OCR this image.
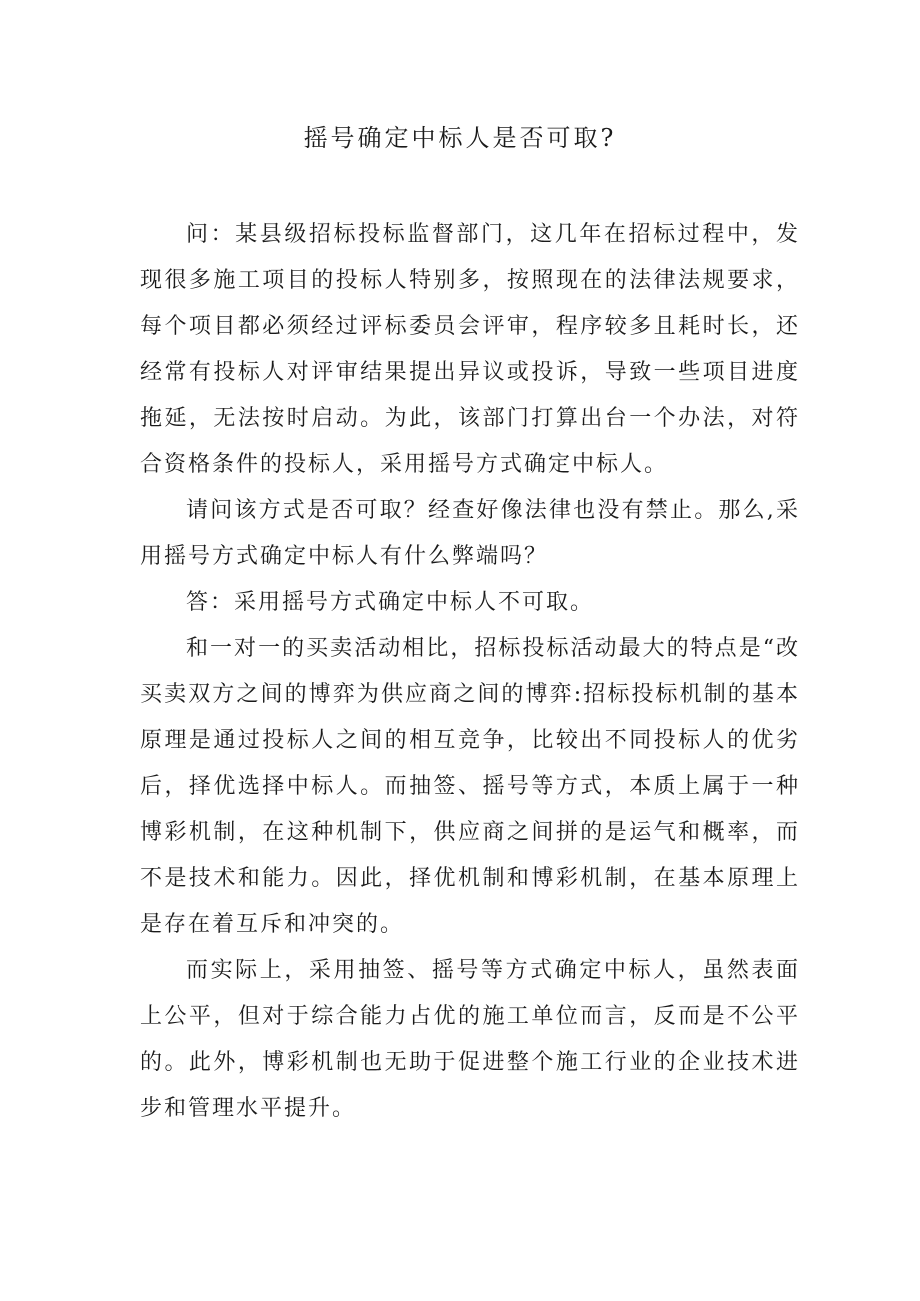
摇号确定中标人是否可取?

问：某县级招标投标监督部门，这几年在招标过程中，发现很多施工项目的投标人特别多，按照现在的法律法规要求，每个项目都必须经过评标委员会评审，程序较多且耗时长，还经常有投标人对评审结果提出异议或投诉，导致一些项目进度拖延，无法按时启动。为此，该部门打算出台一个办法，对符合资格条件的投标人，采用摇号方式确定中标人。

请问该方式是否可取？经查好像法律也没有禁止。那么,采用摇号方式确定中标人有什么弊端吗？

答：采用摇号方式确定中标人不可取。

和一对一的买卖活动相比，招标投标活动最大的特点是“改买卖双方之间的博弈为供应商之间的博弈:招标投标机制的基本原理是通过投标人之间的相互竞争，比较出不同投标人的优劣后，择优选择中标人。而抽签、摇号等方式，本质上属于一种博彩机制，在这种机制下，供应商之间拼的是运气和概率，而不是技术和能力。因此，择优机制和博彩机制，在基本原理上是存在着互斥和冲突的。

而实际上，采用抽签、摇号等方式确定中标人，虽然表面上公平，但对于综合能力占优的施工单位而言，反而是不公平的。此外，博彩机制也无助于促进整个施工行业的企业技术进步和管理水平提升。
